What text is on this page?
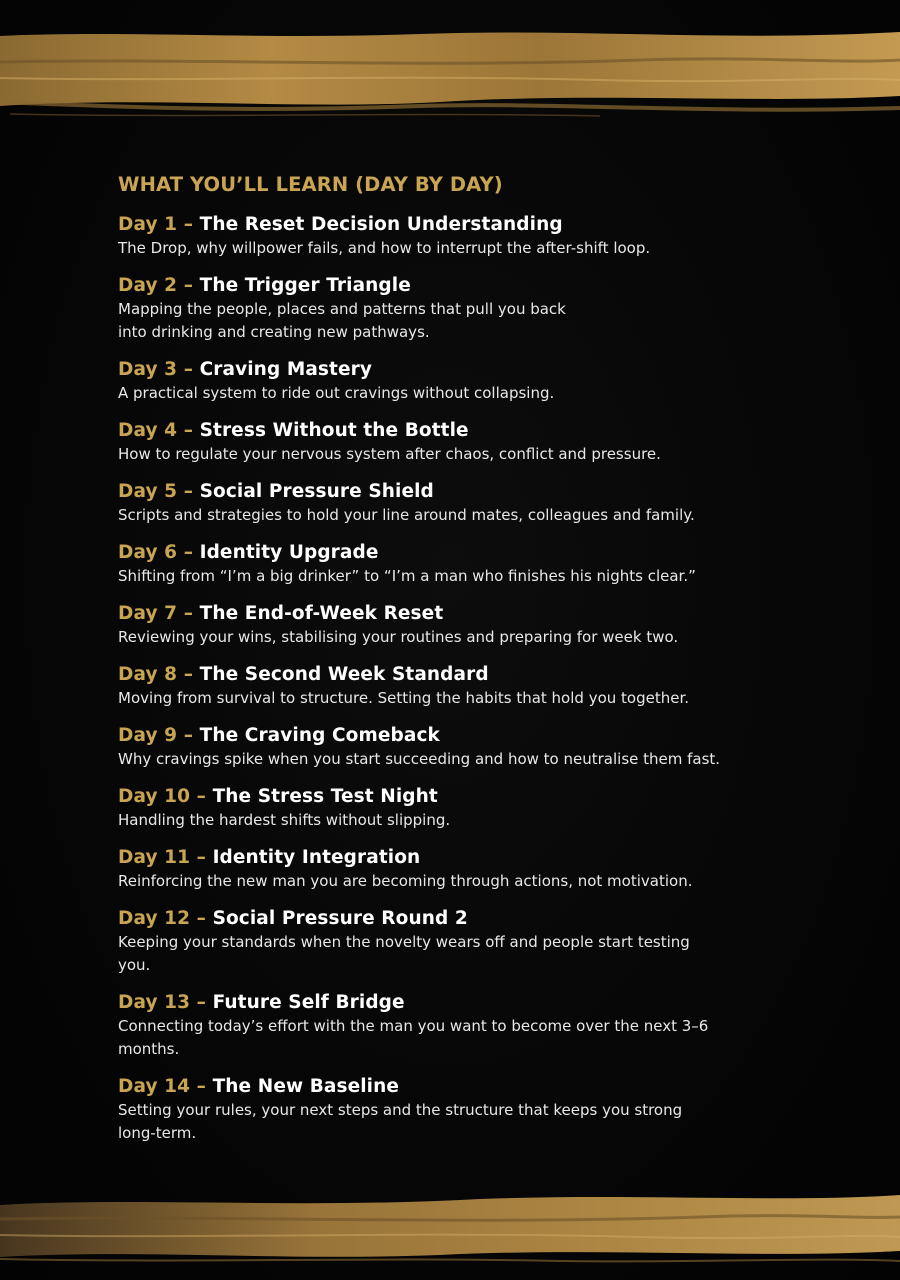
WHAT YOU’LL LEARN (DAY BY DAY)
Day 1 – The Reset Decision Understanding
The Drop, why willpower fails, and how to interrupt the after-shift loop.
Day 2 – The Trigger Triangle
Mapping the people, places and patterns that pull you back
into drinking and creating new pathways.
Day 3 – Craving Mastery
A practical system to ride out cravings without collapsing.
Day 4 – Stress Without the Bottle
How to regulate your nervous system after chaos, conflict and pressure.
Day 5 – Social Pressure Shield
Scripts and strategies to hold your line around mates, colleagues and family.
Day 6 – Identity Upgrade
Shifting from “I’m a big drinker” to “I’m a man who finishes his nights clear.”
Day 7 – The End-of-Week Reset
Reviewing your wins, stabilising your routines and preparing for week two.
Day 8 – The Second Week Standard
Moving from survival to structure. Setting the habits that hold you together.
Day 9 – The Craving Comeback
Why cravings spike when you start succeeding and how to neutralise them fast.
Day 10 – The Stress Test Night
Handling the hardest shifts without slipping.
Day 11 – Identity Integration
Reinforcing the new man you are becoming through actions, not motivation.
Day 12 – Social Pressure Round 2
Keeping your standards when the novelty wears off and people start testing
you.
Day 13 – Future Self Bridge
Connecting today’s effort with the man you want to become over the next 3–6
months.
Day 14 – The New Baseline
Setting your rules, your next steps and the structure that keeps you strong
long-term.
